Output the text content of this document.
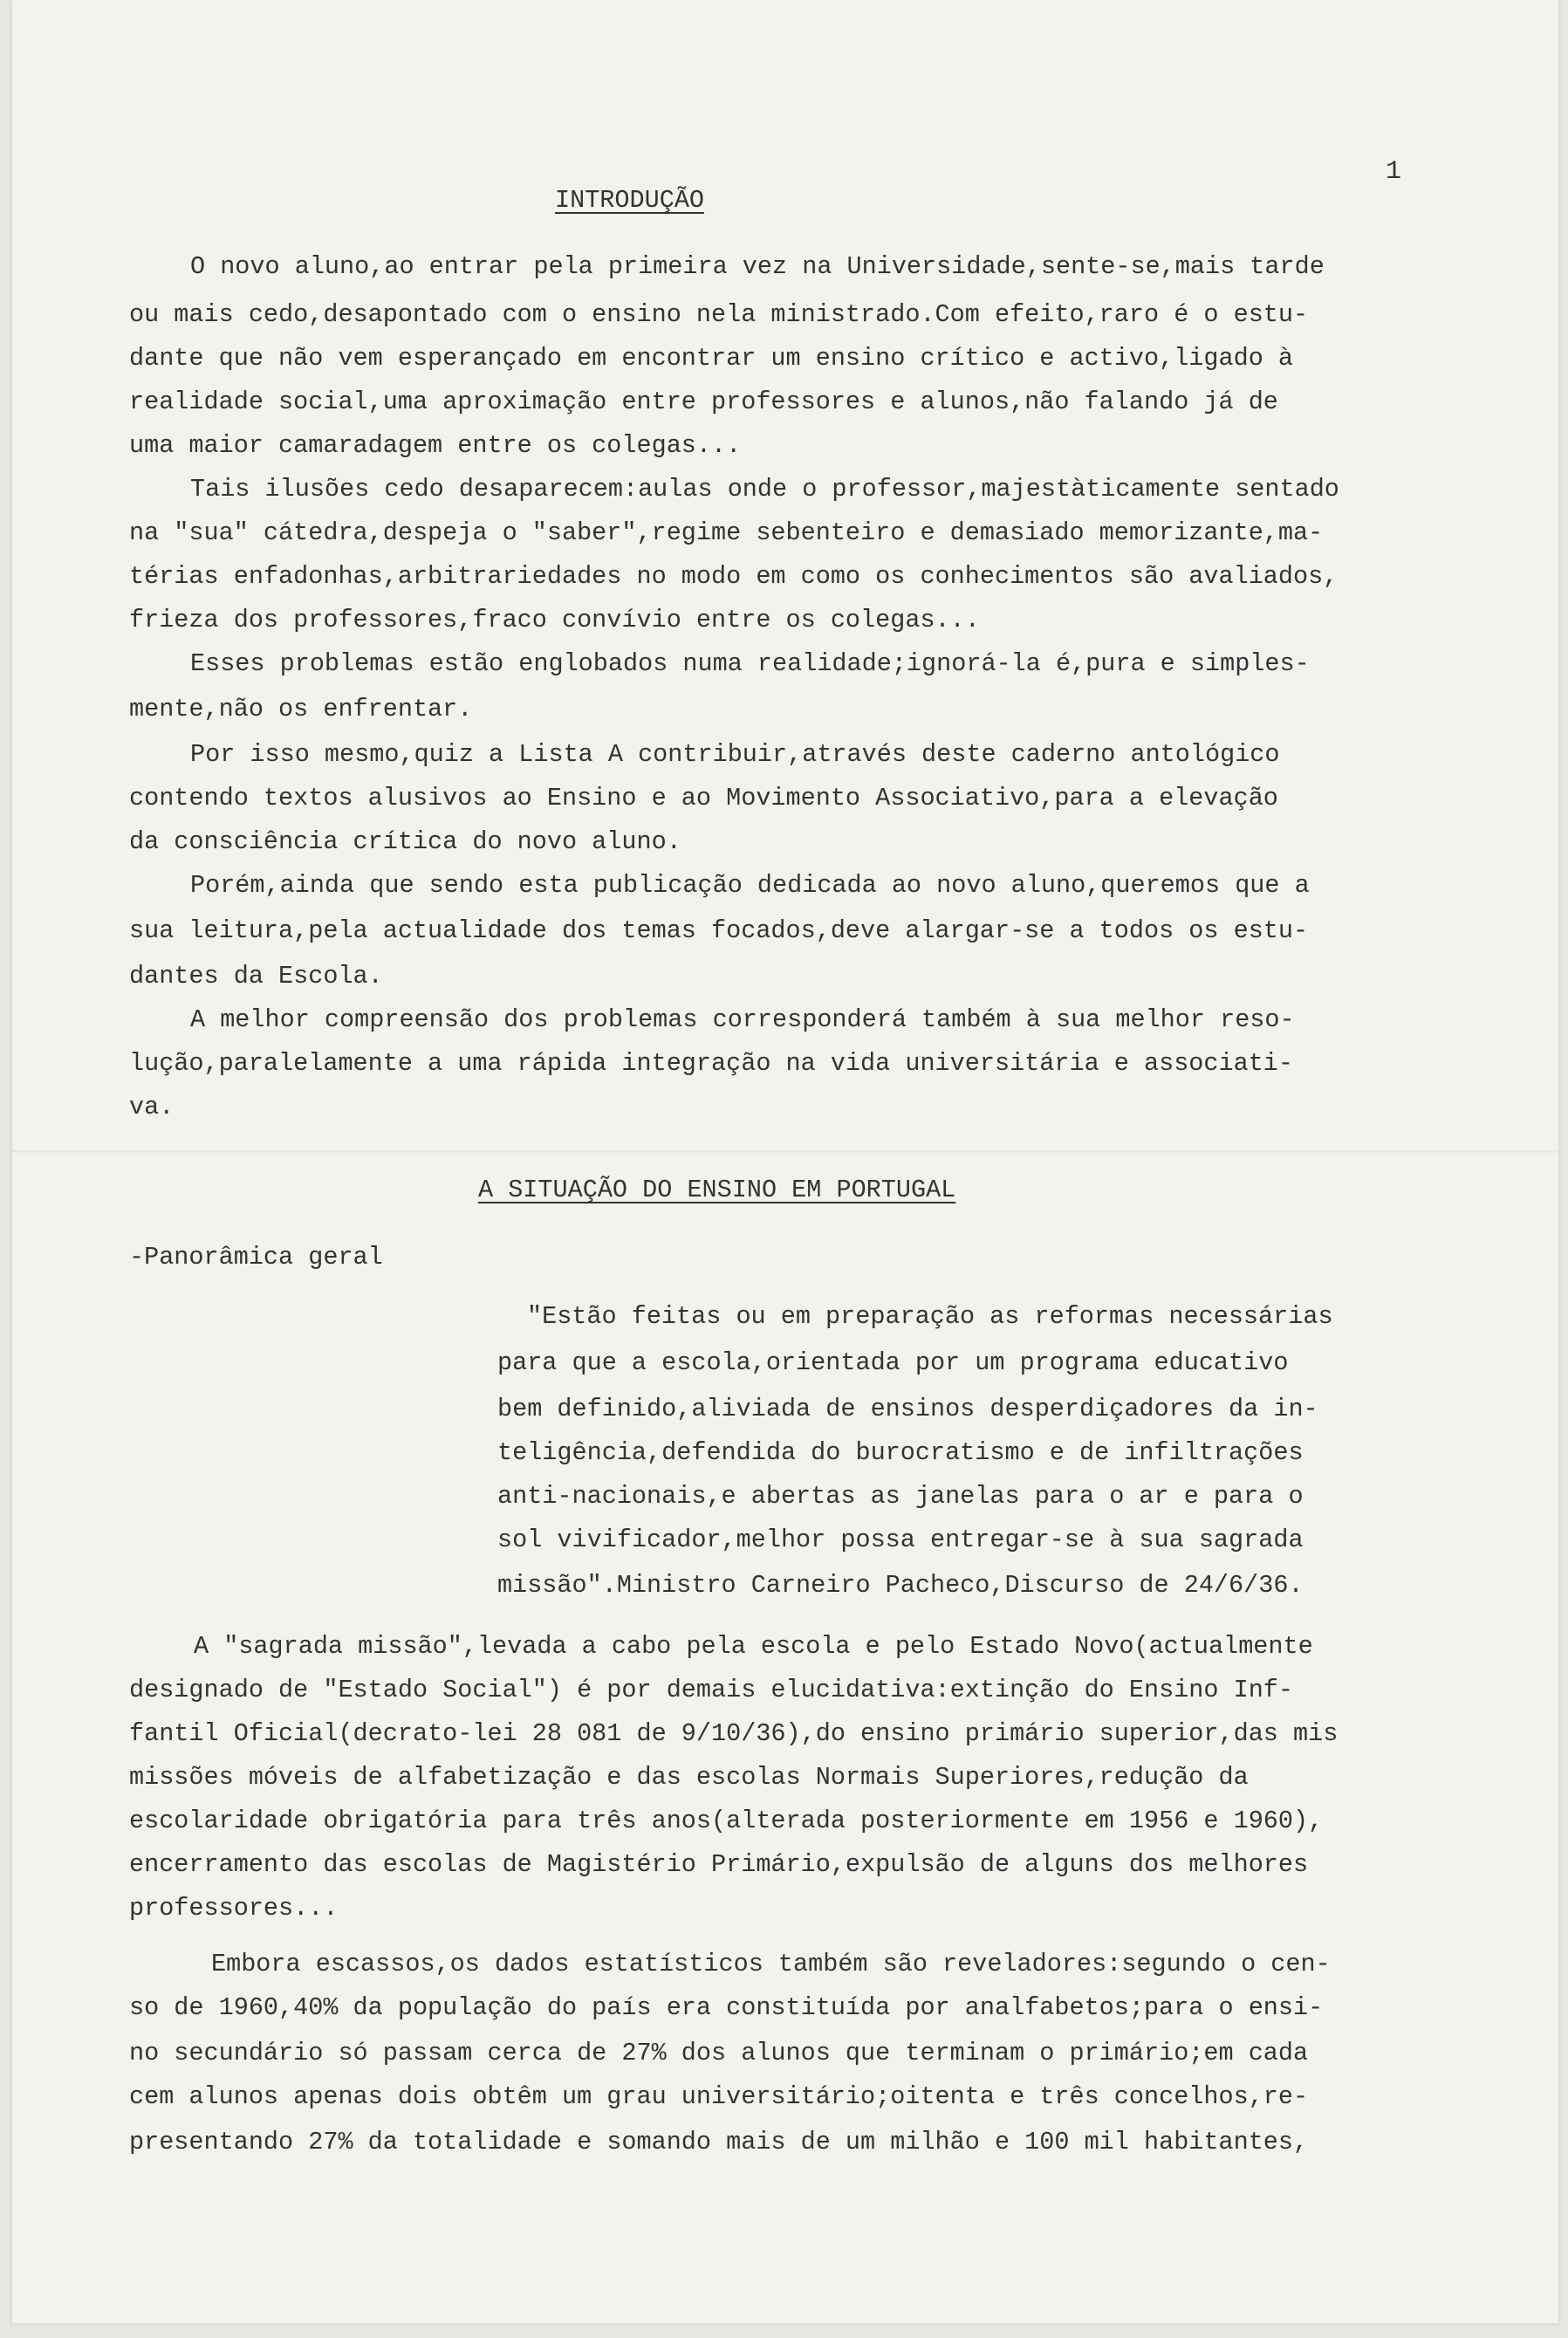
1
INTRODUÇÃO
O novo aluno,ao entrar pela primeira vez na Universidade,sente-se,mais tarde
ou mais cedo,desapontado com o ensino nela ministrado.Com efeito,raro é o estu-
dante que não vem esperançado em encontrar um ensino crítico e activo,ligado à
realidade social,uma aproximação entre professores e alunos,não falando já de
uma maior camaradagem entre os colegas...
Tais ilusões cedo desaparecem:aulas onde o professor,majestàticamente sentado
na "sua" cátedra,despeja o "saber",regime sebenteiro e demasiado memorizante,ma-
térias enfadonhas,arbitrariedades no modo em como os conhecimentos são avaliados,
frieza dos professores,fraco convívio entre os colegas...
Esses problemas estão englobados numa realidade;ignorá-la é,pura e simples-
mente,não os enfrentar.
Por isso mesmo,quiz a Lista A contribuir,através deste caderno antológico
contendo textos alusivos ao Ensino e ao Movimento Associativo,para a elevação
da consciência crítica do novo aluno.
Porém,ainda que sendo esta publicação dedicada ao novo aluno,queremos que a
sua leitura,pela actualidade dos temas focados,deve alargar-se a todos os estu-
dantes da Escola.
A melhor compreensão dos problemas corresponderá também à sua melhor reso-
lução,paralelamente a uma rápida integração na vida universitária e associati-
va.
A SITUAÇÃO DO ENSINO EM PORTUGAL
-Panorâmica geral
"Estão feitas ou em preparação as reformas necessárias
para que a escola,orientada por um programa educativo
bem definido,aliviada de ensinos desperdiçadores da in-
teligência,defendida do burocratismo e de infiltrações
anti-nacionais,e abertas as janelas para o ar e para o
sol vivificador,melhor possa entregar-se à sua sagrada
missão".Ministro Carneiro Pacheco,Discurso de 24/6/36.
A "sagrada missão",levada a cabo pela escola e pelo Estado Novo(actualmente
designado de "Estado Social") é por demais elucidativa:extinção do Ensino Inf-
fantil Oficial(decrato-lei 28 081 de 9/10/36),do ensino primário superior,das mis
missões móveis de alfabetização e das escolas Normais Superiores,redução da
escolaridade obrigatória para três anos(alterada posteriormente em 1956 e 1960),
encerramento das escolas de Magistério Primário,expulsão de alguns dos melhores
professores...
Embora escassos,os dados estatísticos também são reveladores:segundo o cen-
so de 1960,40% da população do país era constituída por analfabetos;para o ensi-
no secundário só passam cerca de 27% dos alunos que terminam o primário;em cada
cem alunos apenas dois obtêm um grau universitário;oitenta e três concelhos,re-
presentando 27% da totalidade e somando mais de um milhão e 100 mil habitantes,
